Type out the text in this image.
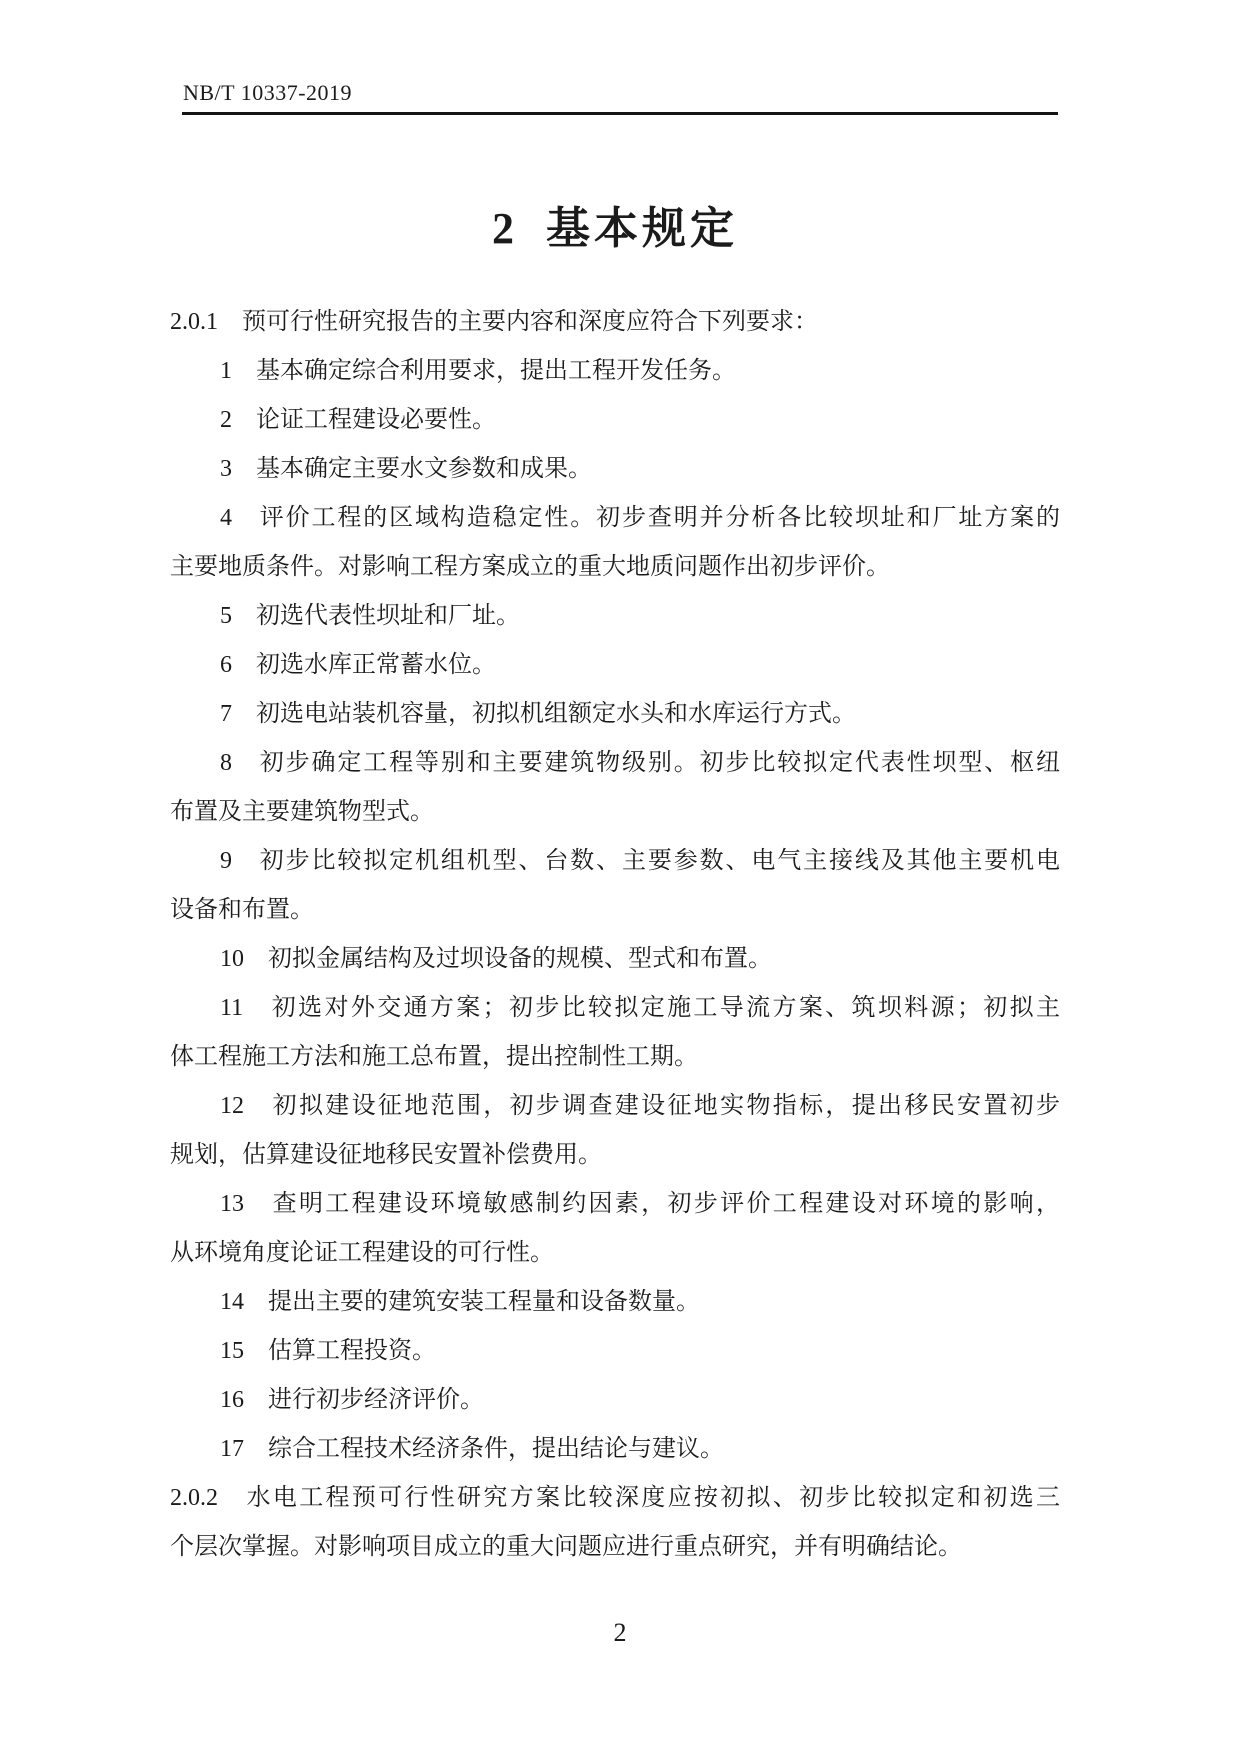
NB/T 10337-2019
2 基本规定
2.0.1　预可行性研究报告的主要内容和深度应符合下列要求：
1　基本确定综合利用要求，提出工程开发任务。
2　论证工程建设必要性。
3　基本确定主要水文参数和成果。
4　评价工程的区域构造稳定性。初步查明并分析各比较坝址和厂址方案的
主要地质条件。对影响工程方案成立的重大地质问题作出初步评价。
5　初选代表性坝址和厂址。
6　初选水库正常蓄水位。
7　初选电站装机容量，初拟机组额定水头和水库运行方式。
8　初步确定工程等别和主要建筑物级别。初步比较拟定代表性坝型、枢纽
布置及主要建筑物型式。
9　初步比较拟定机组机型、台数、主要参数、电气主接线及其他主要机电
设备和布置。
10　初拟金属结构及过坝设备的规模、型式和布置。
11　初选对外交通方案；初步比较拟定施工导流方案、筑坝料源；初拟主
体工程施工方法和施工总布置，提出控制性工期。
12　初拟建设征地范围，初步调查建设征地实物指标，提出移民安置初步
规划，估算建设征地移民安置补偿费用。
13　查明工程建设环境敏感制约因素，初步评价工程建设对环境的影响，
从环境角度论证工程建设的可行性。
14　提出主要的建筑安装工程量和设备数量。
15　估算工程投资。
16　进行初步经济评价。
17　综合工程技术经济条件，提出结论与建议。
2.0.2　水电工程预可行性研究方案比较深度应按初拟、初步比较拟定和初选三
个层次掌握。对影响项目成立的重大问题应进行重点研究，并有明确结论。
2
